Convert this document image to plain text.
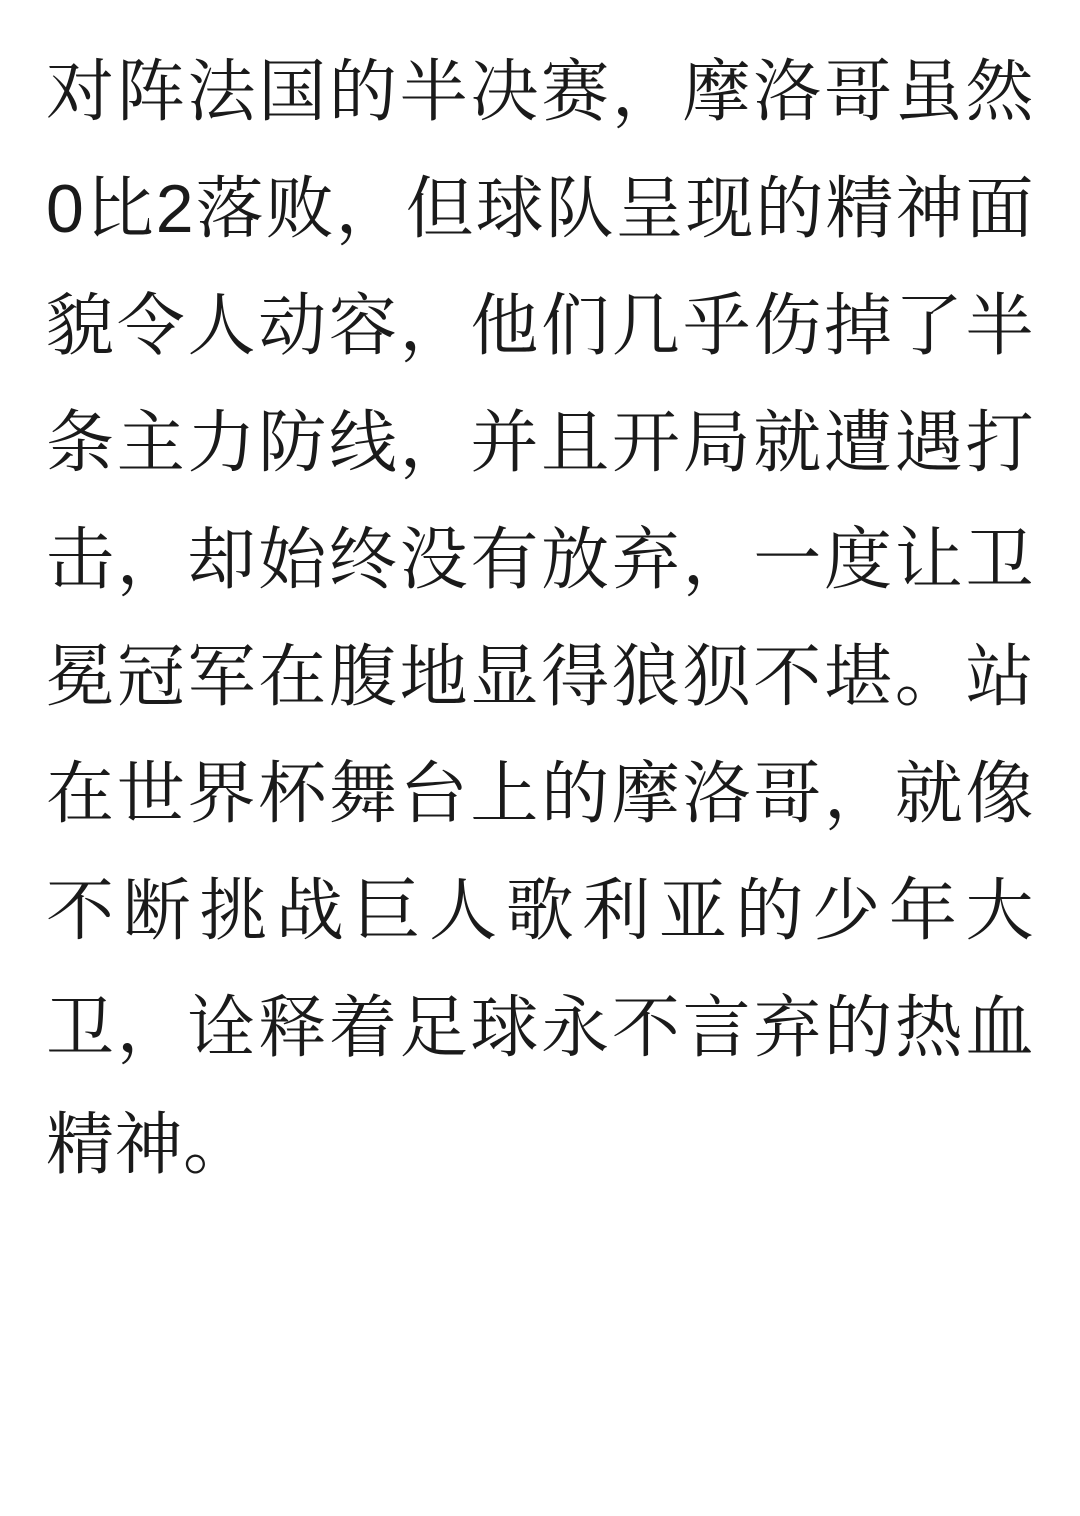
对阵法国的半决赛，摩洛哥虽然0比2落败，但球队呈现的精神面貌令人动容，他们几乎伤掉了半条主力防线，并且开局就遭遇打击，却始终没有放弃，一度让卫冕冠军在腹地显得狼狈不堪。站在世界杯舞台上的摩洛哥，就像不断挑战巨人歌利亚的少年大卫，诠释着足球永不言弃的热血精神。
